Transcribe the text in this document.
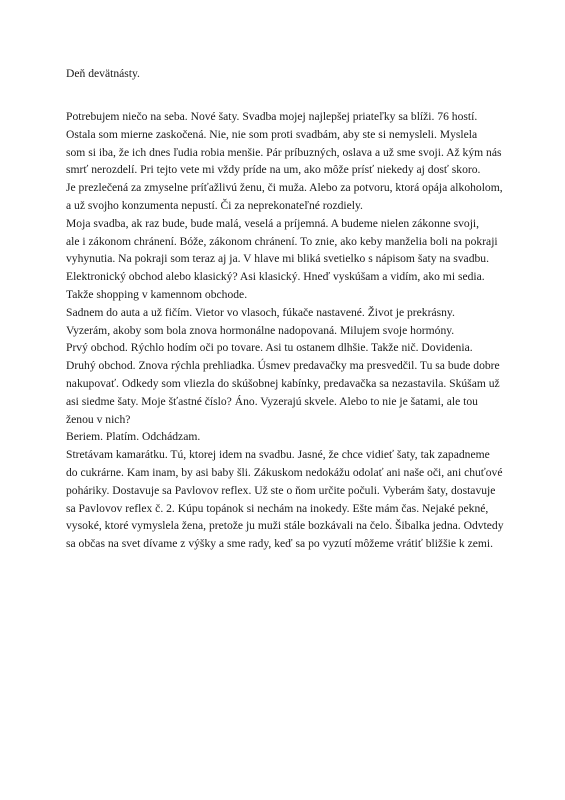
Deň devätnásty.
Potrebujem niečo na seba. Nové šaty. Svadba mojej najlepšej priateľky sa blíži. 76 hostí.
Ostala som mierne zaskočená. Nie, nie som proti svadbám, aby ste si nemysleli. Myslela
som si iba, že ich dnes ľudia robia menšie. Pár príbuzných, oslava a už sme svoji. Až kým nás
smrť nerozdelí. Pri tejto vete mi vždy príde na um, ako môže prísť niekedy aj dosť skoro.
Je prezlečená za zmyselne príťažlivú ženu, či muža. Alebo za potvoru, ktorá opája alkoholom,
a už svojho konzumenta nepustí. Či za neprekonateľné rozdiely.
Moja svadba, ak raz bude, bude malá, veselá a príjemná. A budeme nielen zákonne svoji,
ale i zákonom chránení. Bóže, zákonom chránení. To znie, ako keby manželia boli na pokraji
vyhynutia. Na pokraji som teraz aj ja. V hlave mi bliká svetielko s nápisom šaty na svadbu.
Elektronický obchod alebo klasický? Asi klasický. Hneď vyskúšam a vidím, ako mi sedia.
Takže shopping v kamennom obchode.
Sadnem do auta a už fičím. Vietor vo vlasoch, fúkače nastavené. Život je prekrásny.
Vyzerám, akoby som bola znova hormonálne nadopovaná. Milujem svoje hormóny.
Prvý obchod. Rýchlo hodím oči po tovare. Asi tu ostanem dlhšie. Takže nič. Dovidenia.
Druhý obchod. Znova rýchla prehliadka. Úsmev predavačky ma presvedčil. Tu sa bude dobre
nakupovať. Odkedy som vliezla do skúšobnej kabínky, predavačka sa nezastavila. Skúšam už
asi siedme šaty. Moje šťastné číslo? Áno. Vyzerajú skvele. Alebo to nie je šatami, ale tou
ženou v nich?
Beriem. Platím. Odchádzam.
Stretávam kamarátku. Tú, ktorej idem na svadbu. Jasné, že chce vidieť šaty, tak zapadneme
do cukrárne. Kam inam, by asi baby šli. Zákuskom nedokážu odolať ani naše oči, ani chuťové
poháriky. Dostavuje sa Pavlovov reflex. Už ste o ňom určite počuli. Vyberám šaty, dostavuje
sa Pavlovov reflex č. 2. Kúpu topánok si nechám na inokedy. Ešte mám čas. Nejaké pekné,
vysoké, ktoré vymyslela žena, pretože ju muži stále bozkávali na čelo. Šibalka jedna. Odvtedy
sa občas na svet dívame z výšky a sme rady, keď sa po vyzutí môžeme vrátiť bližšie k zemi.
